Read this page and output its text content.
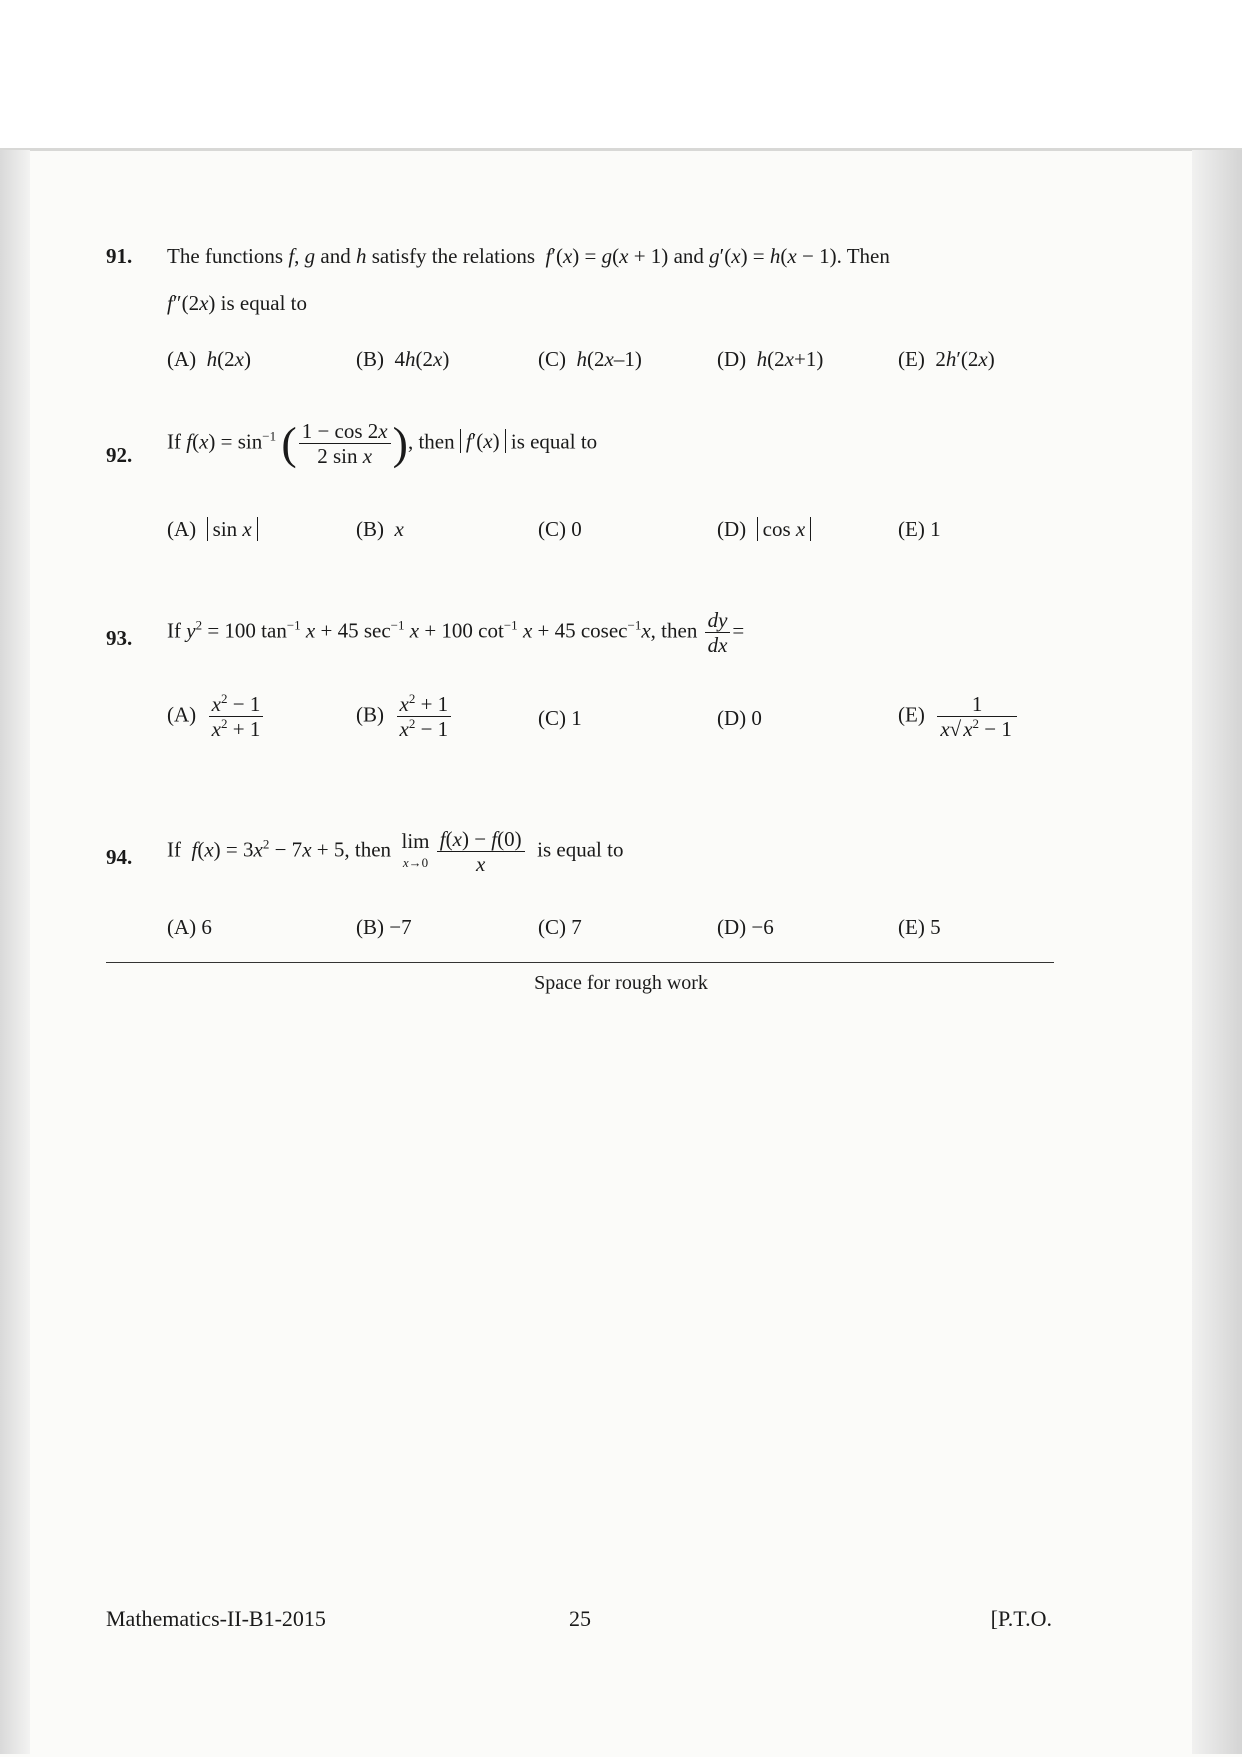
91. The functions f, g and h satisfy the relations f′(x) = g(x + 1) and g′(x) = h(x − 1). Then
f″(2x) is equal to
(A) h(2x)	(B)  4h(2x)	(C) h(2x–1)	(D) h(2x+1)	(E)  2h′(2x)
92.
If $f(x) = \sin^{-1}$ ( $\frac{1 - \cos 2x}{\text{2 sin x}}$ ), then f′(x) is equal to
(A) sin x	(B) x	(C) 0	(D) cos x	(E) 1
93. If $y^2 = 100$ $\tan^{-1} x + 45$ $\sec^{-1} x + 100$ $\cot^{-1} x + 45$ cosec$^{-1}$x, then $\frac{dy}{dx}$ =
$(A) \frac{x^2 - 1}{x^2 + 1}$	$(B) \frac{x^2 + 1}{x^2 - 1}$	(C) 1	(D) 0	$(E) \frac{1}{x√x^2 - 1}$
94. If $f(x) = 3x^2 - 7x + 5$, then lim
x→0
$\frac{f(x) - f(0)}{x}$ is equal to
(A) 6	(B) −7	(C) 7	(D) −6	(E) 5
Space for rough work
Mathematics-II-B1-2015	25	[P.T.O.
